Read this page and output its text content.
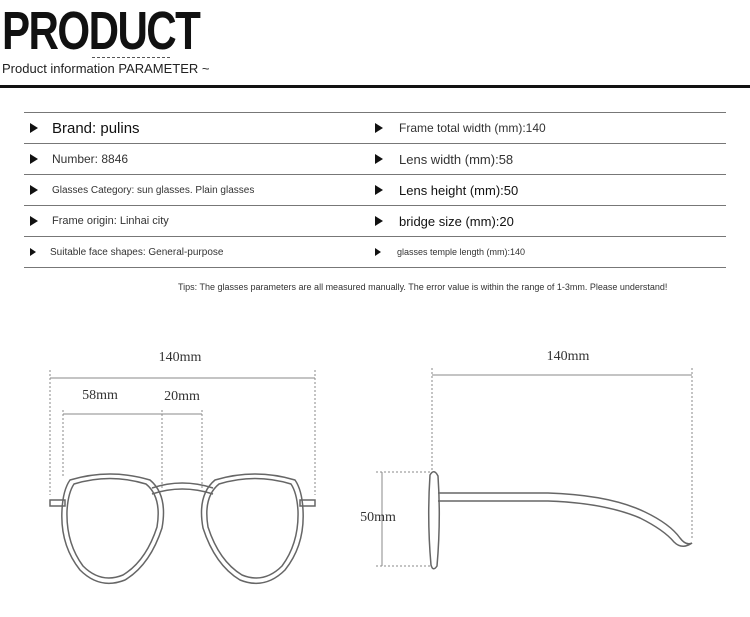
PRODUCT
Product information PARAMETER ~
Brand: pulins	Frame total width (mm):140
Number: 8846	Lens width (mm):58
Glasses Category: sun glasses. Plain glasses	Lens height (mm):50
Frame origin: Linhai city	bridge size (mm):20
Suitable face shapes: General-purpose	glasses temple length (mm):140
Tips: The glasses parameters are all measured manually. The error value is within the range of 1-3mm. Please understand!
140mm
58mm	20mm
140mm
50mm
